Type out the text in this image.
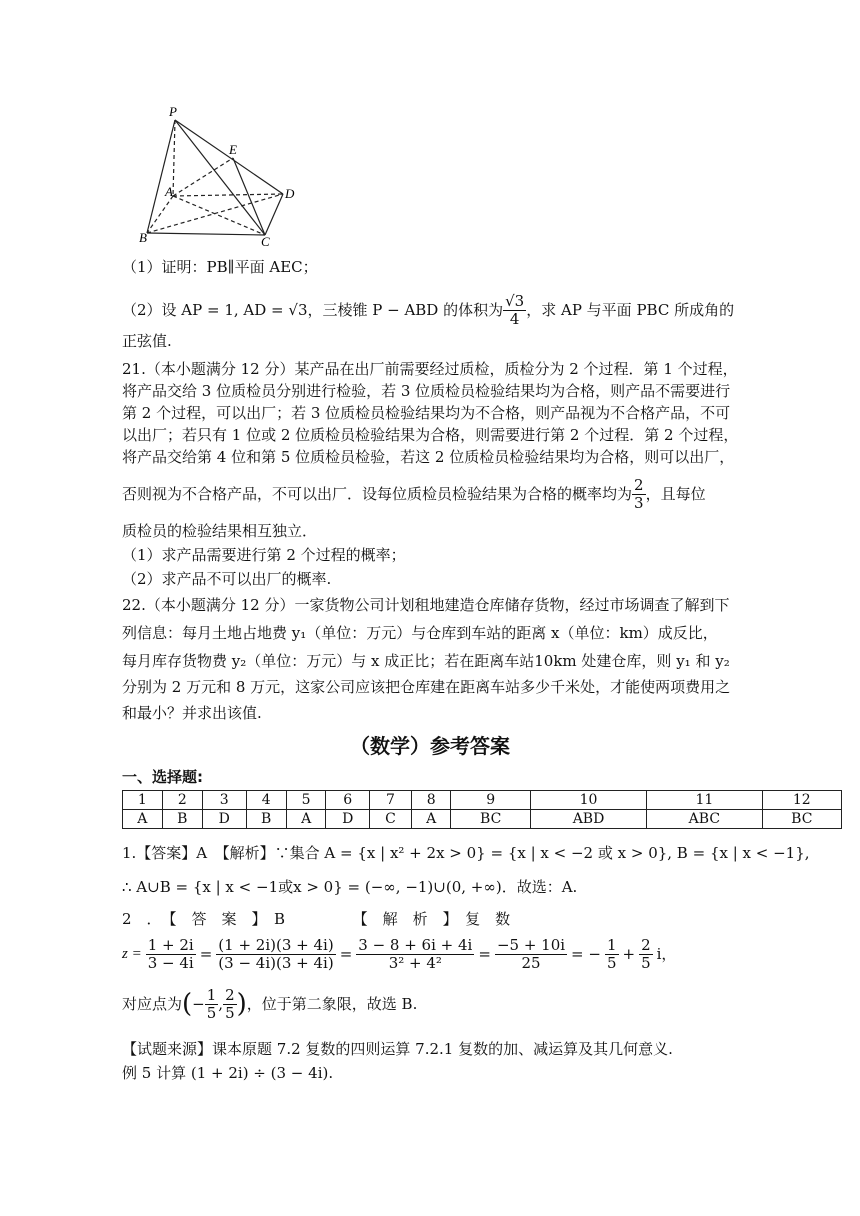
P
E
A	D
B	C
（1）证明：PB∥平面 AEC；
（2）设 AP = 1, AD = √3，三棱锥 P − ABD 的体积为 $\frac{√3}{4}$ ，求 AP 与平面 PBC 所成角的
正弦值.
21.（本小题满分 12 分）某产品在出厂前需要经过质检，质检分为 2 个过程．第 1 个过程，
将产品交给 3 位质检员分别进行检验，若 3 位质检员检验结果均为合格，则产品不需要进行
第 2 个过程，可以出厂；若 3 位质检员检验结果均为不合格，则产品视为不合格产品，不可
以出厂；若只有 1 位或 2 位质检员检验结果为合格，则需要进行第 2 个过程．第 2 个过程，
将产品交给第 4 位和第 5 位质检员检验，若这 2 位质检员检验结果均为合格，则可以出厂，
否则视为不合格产品，不可以出厂．设每位质检员检验结果为合格的概率均为 $\frac{2}{3}$ ，且每位
质检员的检验结果相互独立．
（1）求产品需要进行第 2 个过程的概率；
（2）求产品不可以出厂的概率.
22.（本小题满分 12 分）一家货物公司计划租地建造仓库储存货物，经过市场调查了解到下
列信息：每月土地占地费 y₁（单位：万元）与仓库到车站的距离 x（单位：km）成反比，
每月库存货物费 y₂（单位：万元）与 x 成正比；若在距离车站10km 处建仓库，则 y₁ 和 y₂
分别为 2 万元和 8 万元，这家公司应该把仓库建在距离车站多少千米处，才能使两项费用之
和最小？并求出该值.
（数学）参考答案
一、选择题:
1	2	3	4	5	6	7	8	9	10	11	12
A	B	D	B	A	D	C	A	BC	ABD	ABC	BC
1.【答案】A　【解析】∵集合 A = {x | x² + 2x > 0} = {x | x < −2 或 x > 0}, B = {x | x < −1},
∴ A∪B = {x | x < −1或x > 0} = (−∞, −1)∪(0, +∞)．故选：A.
2　．　【　答　案　】　B　　　　　【　解　析　】　复　数
$z = \frac{1 + 2i}{3 - 4i} = \frac{(1 + 2i)(3 + 4i)}{(3 - 4i)(3 + 4i)} = \frac{3 - 8 + 6i + 4i}{\text{3² + 4²}} = \frac{-5 + 10i}{25}$ = − $\frac{1}{5} + \frac{2}{5}$ i，
对应点为 ( − $\frac{1}{5}$ , $\frac{2}{5}$ ) ，位于第二象限，故选 B.
【试题来源】课本原题 7.2 复数的四则运算 7.2.1 复数的加、减运算及其几何意义.
例 5 计算 (1 + 2i) ÷ (3 − 4i).
